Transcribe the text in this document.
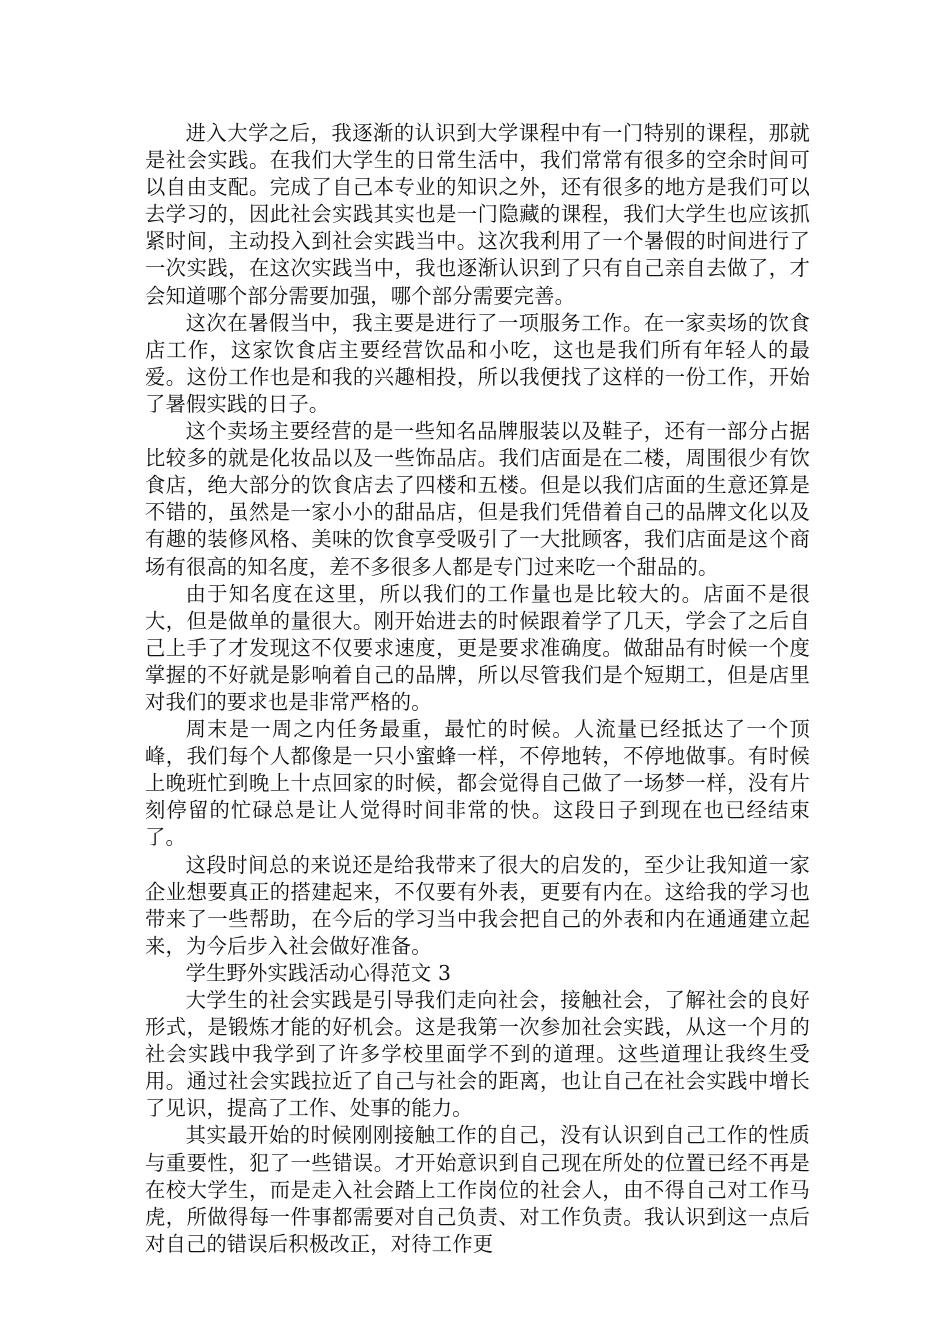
进入大学之后，我逐渐的认识到大学课程中有一门特别的课程，那就是社会实践。在我们大学生的日常生活中，我们常常有很多的空余时间可以自由支配。完成了自己本专业的知识之外，还有很多的地方是我们可以去学习的，因此社会实践其实也是一门隐藏的课程，我们大学生也应该抓紧时间，主动投入到社会实践当中。这次我利用了一个暑假的时间进行了一次实践，在这次实践当中，我也逐渐认识到了只有自己亲自去做了，才会知道哪个部分需要加强，哪个部分需要完善。

这次在暑假当中，我主要是进行了一项服务工作。在一家卖场的饮食店工作，这家饮食店主要经营饮品和小吃，这也是我们所有年轻人的最爱。这份工作也是和我的兴趣相投，所以我便找了这样的一份工作，开始了暑假实践的日子。

这个卖场主要经营的是一些知名品牌服装以及鞋子，还有一部分占据比较多的就是化妆品以及一些饰品店。我们店面是在二楼，周围很少有饮食店，绝大部分的饮食店去了四楼和五楼。但是以我们店面的生意还算是不错的，虽然是一家小小的甜品店，但是我们凭借着自己的品牌文化以及有趣的装修风格、美味的饮食享受吸引了一大批顾客，我们店面是这个商场有很高的知名度，差不多很多人都是专门过来吃一个甜品的。

由于知名度在这里，所以我们的工作量也是比较大的。店面不是很大，但是做单的量很大。刚开始进去的时候跟着学了几天，学会了之后自己上手了才发现这不仅要求速度，更是要求准确度。做甜品有时候一个度掌握的不好就是影响着自己的品牌，所以尽管我们是个短期工，但是店里对我们的要求也是非常严格的。

周末是一周之内任务最重，最忙的时候。人流量已经抵达了一个顶峰，我们每个人都像是一只小蜜蜂一样，不停地转，不停地做事。有时候上晚班忙到晚上十点回家的时候，都会觉得自己做了一场梦一样，没有片刻停留的忙碌总是让人觉得时间非常的快。这段日子到现在也已经结束了。

这段时间总的来说还是给我带来了很大的启发的，至少让我知道一家企业想要真正的搭建起来，不仅要有外表，更要有内在。这给我的学习也带来了一些帮助，在今后的学习当中我会把自己的外表和内在通通建立起来，为今后步入社会做好准备。

学生野外实践活动心得范文 3

大学生的社会实践是引导我们走向社会，接触社会，了解社会的良好形式，是锻炼才能的好机会。这是我第一次参加社会实践，从这一个月的社会实践中我学到了许多学校里面学不到的道理。这些道理让我终生受用。通过社会实践拉近了自己与社会的距离，也让自己在社会实践中增长了见识，提高了工作、处事的能力。

其实最开始的时候刚刚接触工作的自己，没有认识到自己工作的性质与重要性，犯了一些错误。才开始意识到自己现在所处的位置已经不再是在校大学生，而是走入社会踏上工作岗位的社会人，由不得自己对工作马虎，所做得每一件事都需要对自己负责、对工作负责。我认识到这一点后对自己的错误后积极改正，对待工作更
